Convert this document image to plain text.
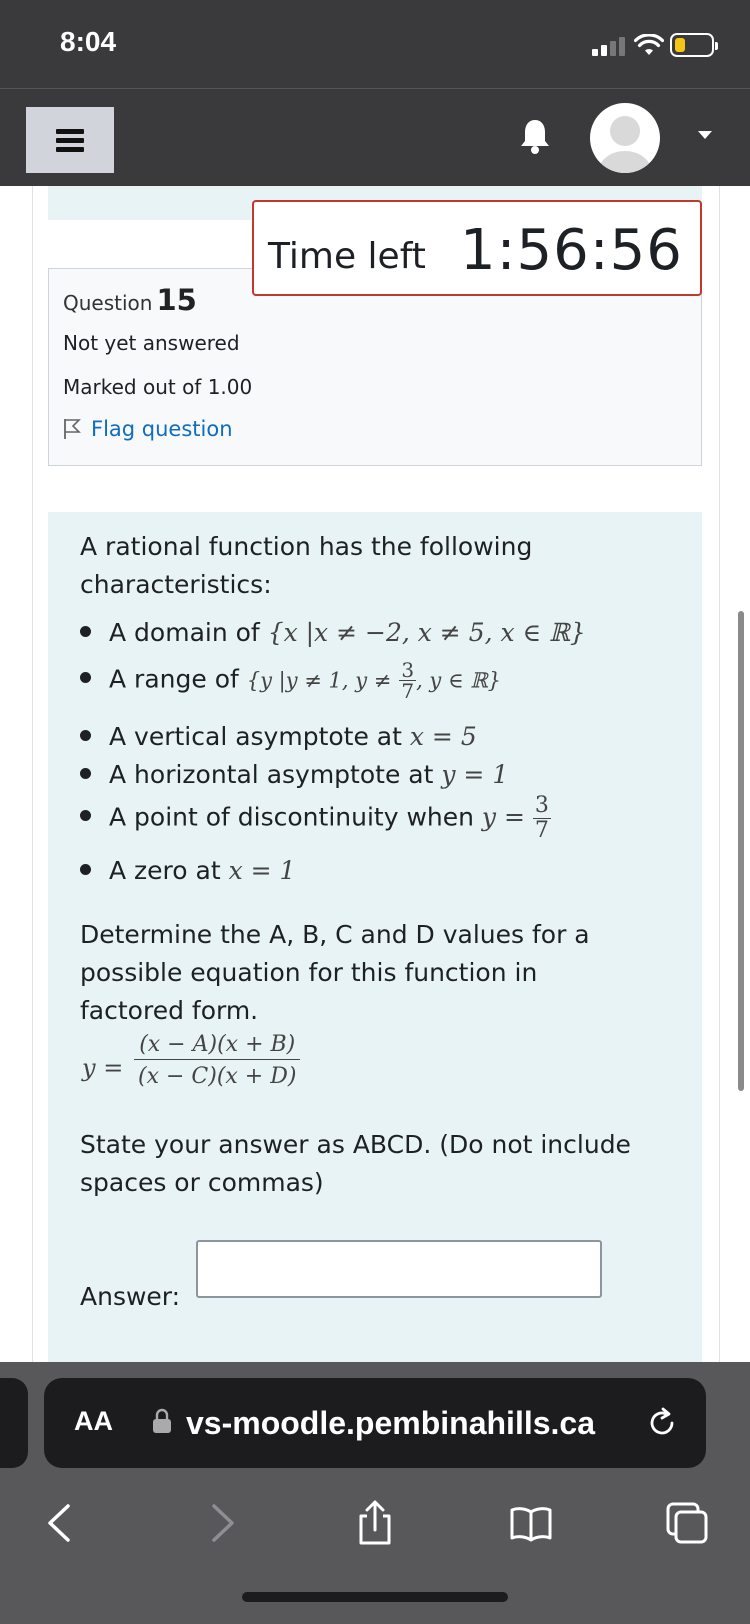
8:04
Question 15
Not yet answered
Marked out of 1.00
Flag question
Time left 1:56:56
A rational function has the following
characteristics:
A domain of {x |x ≠ −2, x ≠ 5, x ∈ ℝ}
A range of {y |y ≠ 1, $y \ne \frac{3}{7}$ , y ∈ ℝ}
A vertical asymptote at x = 5
A horizontal asymptote at y = 1
A point of discontinuity when $y = \frac{3}{7}$
A zero at x = 1
Determine the A, B, C and D values for a
possible equation for this function in
factored form.
$y = \frac{(x - A)(x + B)}{(x - C)(x + D)}$
State your answer as ABCD. (Do not include
spaces or commas)
Answer:
AA vs-moodle.pembinahills.ca
